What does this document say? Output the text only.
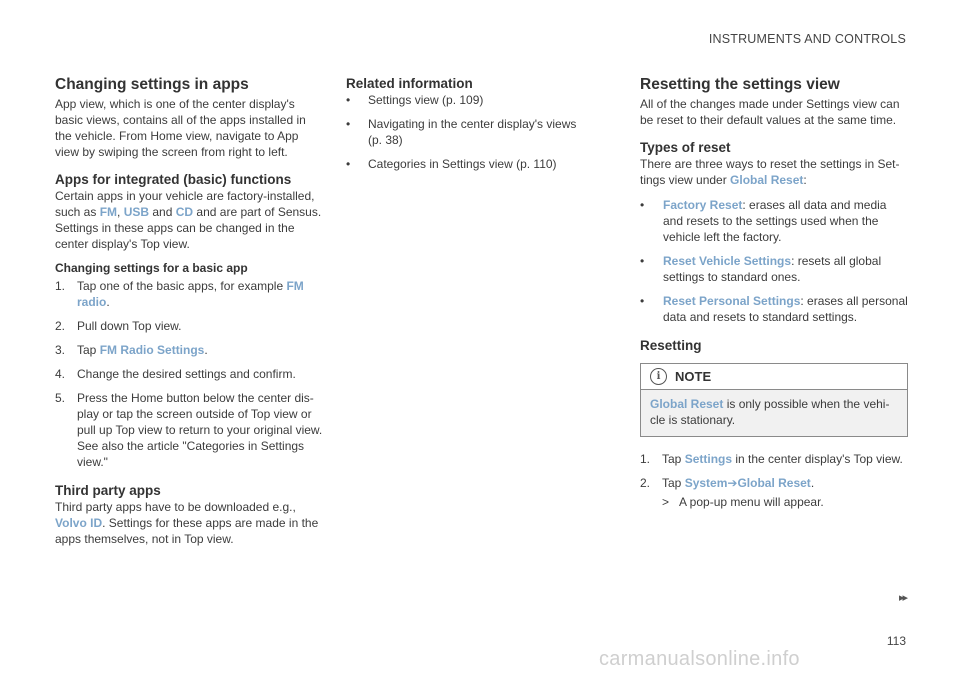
INSTRUMENTS AND CONTROLS
Changing settings in apps

App view, which is one of the center display's basic views, contains all of the apps installed in the vehicle. From Home view, navigate to App view by swiping the screen from right to left.

Apps for integrated (basic) functions

Certain apps in your vehicle are factory-installed, such as FM, USB and CD and are part of Sensus. Settings in these apps can be changed in the center display's Top view.

Changing settings for a basic app
1. Tap one of the basic apps, for example FM radio.
2. Pull down Top view.
3. Tap FM Radio Settings.
4. Change the desired settings and confirm.
5. Press the Home button below the center display or tap the screen outside of Top view or pull up Top view to return to your original view. See also the article "Categories in Settings view."
Third party apps

Third party apps have to be downloaded e.g., Volvo ID. Settings for these apps are made in the apps themselves, not in Top view.

Related information
• Settings view (p. 109)
• Navigating in the center display's views (p. 38)
• Categories in Settings view (p. 110)
Resetting the settings view

All of the changes made under Settings view can be reset to their default values at the same time.

Types of reset

There are three ways to reset the settings in Settings view under Global Reset:

• Factory Reset: erases all data and media and resets to the settings used when the vehicle left the factory.
• Reset Vehicle Settings: resets all global settings to standard ones.
• Reset Personal Settings: erases all personal data and resets to standard settings.
Resetting
i	NOTE
Global Reset is only possible when the vehicle is stationary.
1. Tap Settings in the center display's Top view.
2. Tap System➔Global Reset.
> A pop-up menu will appear.
▸▸
113
carmanualsonline.info
